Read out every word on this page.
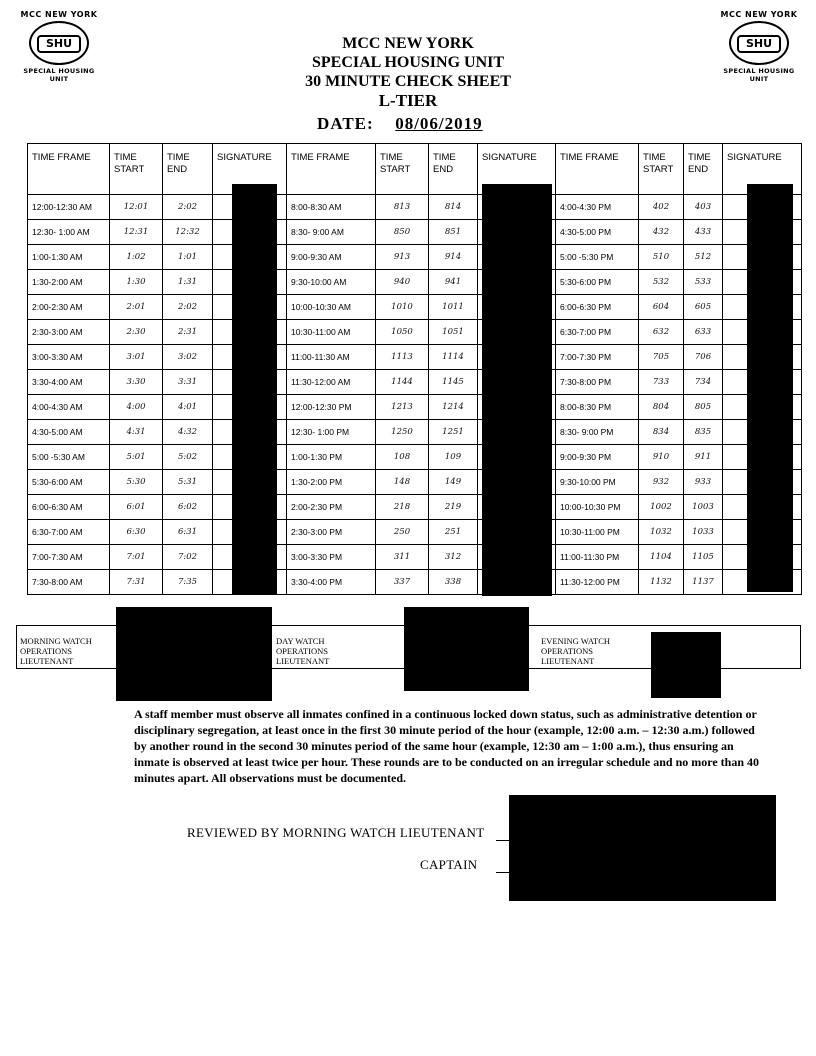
MCC NEW YORK
SHU
SPECIAL HOUSING UNIT
MCC NEW YORK
SHU
SPECIAL HOUSING UNIT
MCC NEW YORK
SPECIAL HOUSING UNIT
30 MINUTE CHECK SHEET
L-TIER
DATE: 08/06/2019
TIME FRAME	TIME START	TIME END	SIGNATURE	TIME FRAME	TIME START	TIME END	SIGNATURE	TIME FRAME	TIME START	TIME END	SIGNATURE
12:00-12:30 AM	12:01	2:02		8:00-8:30 AM	813	814		4:00-4:30 PM	402	403	
12:30- 1:00 AM	12:31	12:32		8:30- 9:00 AM	850	851		4:30-5:00 PM	432	433	
1:00-1:30 AM	1:02	1:01		9:00-9:30 AM	913	914		5:00 -5:30 PM	510	512	
1:30-2:00 AM	1:30	1:31		9:30-10:00 AM	940	941		5:30-6:00 PM	532	533	
2:00-2:30 AM	2:01	2:02		10:00-10:30 AM	1010	1011		6:00-6:30 PM	604	605	
2:30-3:00 AM	2:30	2:31		10:30-11:00 AM	1050	1051		6:30-7:00 PM	632	633	
3:00-3:30 AM	3:01	3:02		11:00-11:30 AM	1113	1114		7:00-7:30 PM	705	706	
3:30-4:00 AM	3:30	3:31		11:30-12:00 AM	1144	1145		7:30-8:00 PM	733	734	
4:00-4:30 AM	4:00	4:01		12:00-12:30 PM	1213	1214		8:00-8:30 PM	804	805	
4:30-5:00 AM	4:31	4:32		12:30- 1:00 PM	1250	1251		8:30- 9:00 PM	834	835	
5:00 -5:30 AM	5:01	5:02		1:00-1:30 PM	108	109		9:00-9:30 PM	910	911	
5:30-6:00 AM	5:30	5:31		1:30-2:00 PM	148	149		9:30-10:00 PM	932	933	
6:00-6:30 AM	6:01	6:02		2:00-2:30 PM	218	219		10:00-10:30 PM	1002	1003	
6:30-7:00 AM	6:30	6:31		2:30-3:00 PM	250	251		10:30-11:00 PM	1032	1033	
7:00-7:30 AM	7:01	7:02		3:00-3:30 PM	311	312		11:00-11:30 PM	1104	1105	
7:30-8:00 AM	7:31	7:35		3:30-4:00 PM	337	338		11:30-12:00 PM	1132	1137	
MORNING WATCH OPERATIONS LIEUTENANT
DAY WATCH OPERATIONS LIEUTENANT
EVENING WATCH OPERATIONS LIEUTENANT
A staff member must observe all inmates confined in a continuous locked down status, such as administrative detention or disciplinary segregation, at least once in the first 30 minute period of the hour (example, 12:00 a.m. – 12:30 a.m.) followed by another round in the second 30 minutes period of the same hour (example, 12:30 am – 1:00 a.m.), thus ensuring an inmate is observed at least twice per hour. These rounds are to be conducted on an irregular schedule and no more than 40 minutes apart. All observations must be documented.
REVIEWED BY MORNING WATCH LIEUTENANT
CAPTAIN
